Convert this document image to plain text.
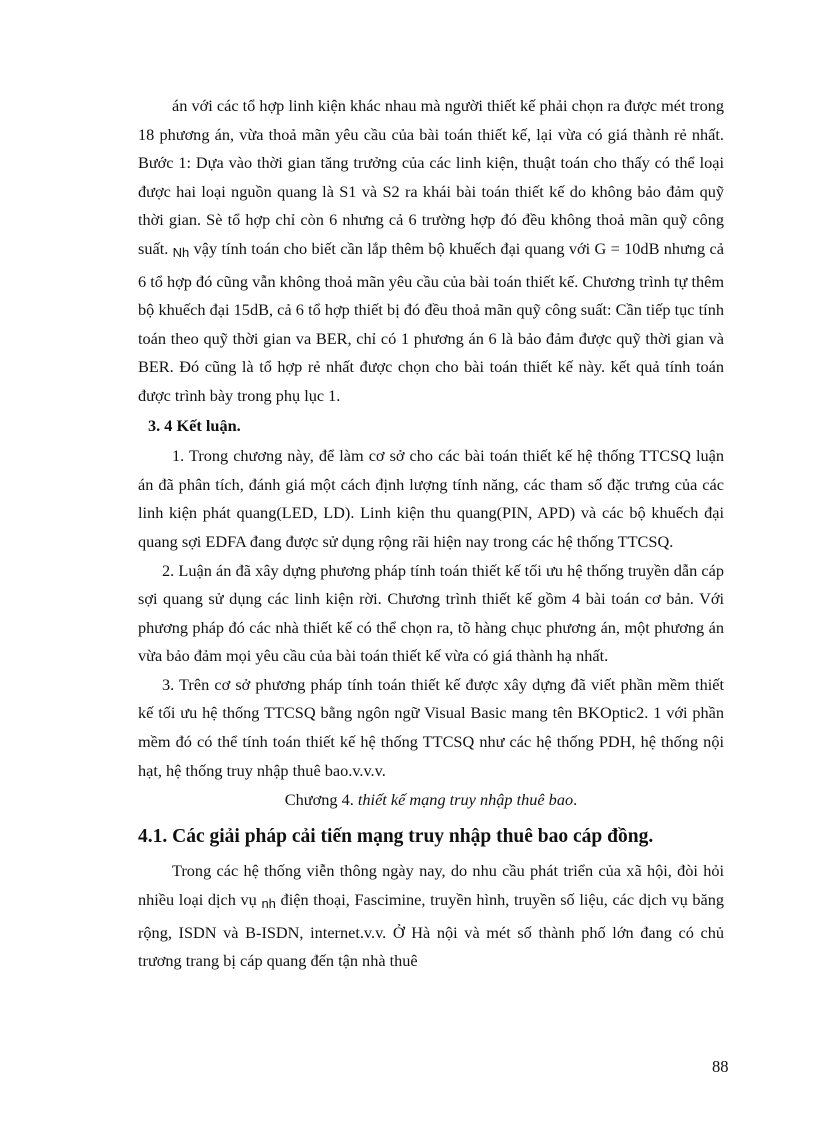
án với các tổ hợp linh kiện khác nhau mà người thiết kế phải chọn ra được mét trong 18 phương án, vừa thoả mãn yêu cầu của bài toán thiết kế, lại vừa có giá thành rẻ nhất. Bước 1: Dựa vào thời gian tăng trưởng của các linh kiện, thuật toán cho thấy có thể loại được hai loại nguồn quang là S1 và S2 ra khái bài toán thiết kế do không bảo đảm quỹ thời gian. Sè tổ hợp chỉ còn 6 nhưng cả 6 trường hợp đó đều không thoả mãn quỹ công suất. Nh vậy tính toán cho biết cần lắp thêm bộ khuếch đại quang với G = 10dB nhưng cả 6 tổ hợp đó cũng vẫn không thoả mãn yêu cầu của bài toán thiết kế. Chương trình tự thêm bộ khuếch đại 15dB, cả 6 tổ hợp thiết bị đó đều thoả mãn quỹ công suất: Cần tiếp tục tính toán theo quỹ thời gian va BER, chỉ có 1 phương án 6 là bảo đảm được quỹ thời gian và BER. Đó cũng là tổ hợp rẻ nhất được chọn cho bài toán thiết kế này. kết quả tính toán được trình bày trong phụ lục 1.

3. 4 Kết luận.

1. Trong chương này, để làm cơ sở cho các bài toán thiết kế hệ thống TTCSQ luận án đã phân tích, đánh giá một cách định lượng tính năng, các tham số đặc trưng của các linh kiện phát quang(LED, LD). Linh kiện thu quang(PIN, APD) và các bộ khuếch đại quang sợi EDFA đang được sử dụng rộng rãi hiện nay trong các hệ thống TTCSQ.

2. Luận án đã xây dựng phương pháp tính toán thiết kế tối ưu hệ thống truyền dẫn cáp sợi quang sử dụng các linh kiện rời. Chương trình thiết kế gồm 4 bài toán cơ bản. Với phương pháp đó các nhà thiết kế có thể chọn ra, tõ hàng chục phương án, một phương án vừa bảo đảm mọi yêu cầu của bài toán thiết kế vừa có giá thành hạ nhất.

3. Trên cơ sở phương pháp tính toán thiết kế được xây dựng đã viết phần mềm thiết kế tối ưu hệ thống TTCSQ bằng ngôn ngữ Visual Basic mang tên BKOptic2. 1 với phần mềm đó có thể tính toán thiết kế hệ thống TTCSQ như các hệ thống PDH, hệ thống nội hạt, hệ thống truy nhập thuê bao.v.v.v.

Chương 4. thiết kế mạng truy nhập thuê bao.

4.1. Các giải pháp cải tiến mạng truy nhập thuê bao cáp đồng.

Trong các hệ thống viễn thông ngày nay, do nhu cầu phát triển của xã hội, đòi hỏi nhiều loại dịch vụ nh điện thoại, Fascimine, truyền hình, truyền số liệu, các dịch vụ băng rộng, ISDN và B-ISDN, internet.v.v. Ở Hà nội và mét số thành phố lớn đang có chủ trương trang bị cáp quang đến tận nhà thuê

88
